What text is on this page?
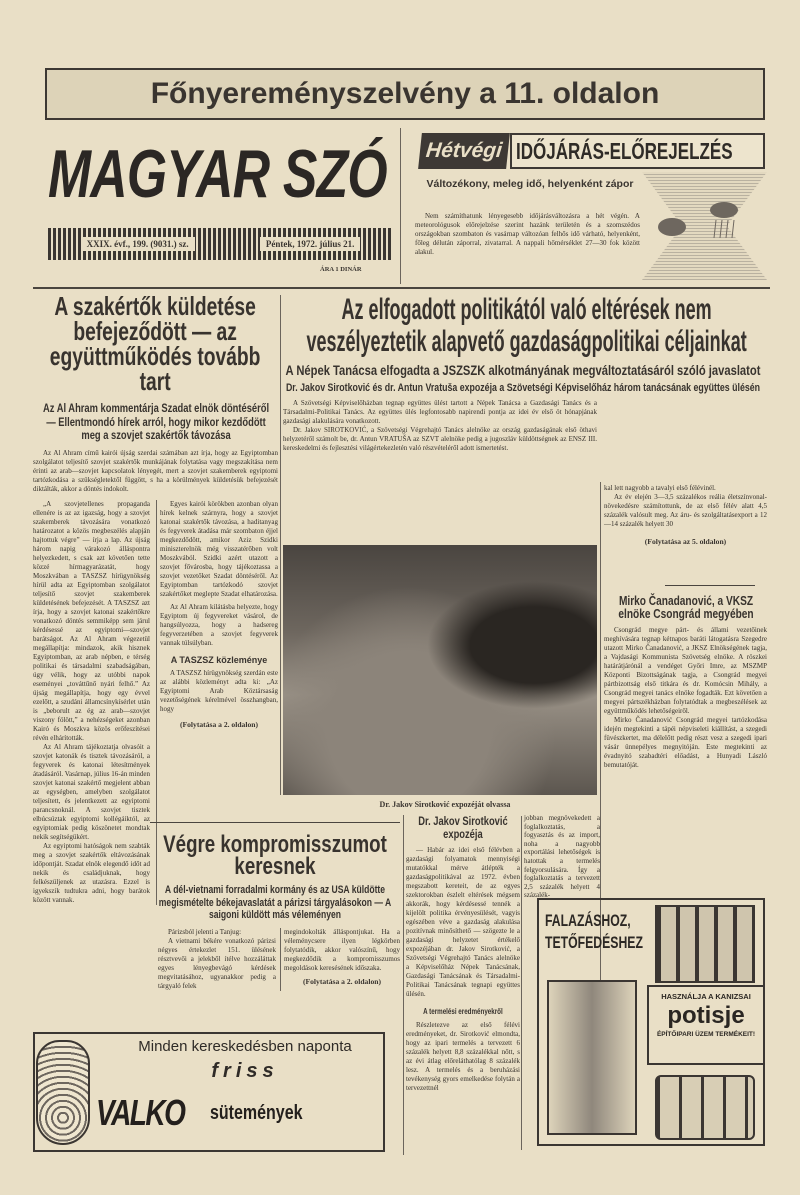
Főnyereményszelvény a 11. oldalon
MAGYAR SZÓ
XXIX. évf., 199. (9031.) sz.	Péntek, 1972. július 21.
ÁRA 1 DINÁR
Hétvégi IDŐJÁRÁS-ELŐREJELZÉS
Változékony, meleg idő, helyenként zápor

Nem számíthatunk lényegesebb időjárásváltozásra a hét végén. A meteorológusok előrejelzése szerint hazánk területén és a szomszédos országokban szombaton és vasárnap változóan felhős idő várható, helyenként, főleg délután záporral, zivatarral. A nappali hőmérséklet 27—30 fok között alakul.

A szakértők küldetése befejeződött — az együttműködés tovább tart
Az Al Ahram kommentárja Szadat elnök döntéséről — Ellentmondó hírek arról, hogy mikor kezdődött meg a szovjet szakértők távozása

Az Al Ahram című kairói újság szerdai számában azt írja, hogy az Egyiptomban szolgálatot teljesítő szovjet szakértők munkájának folytatása vagy megszakítása nem érinti az arab—szovjet kapcsolatok lényegét, mert a szovjet szakemberek egyiptomi tartózkodása a szükségletektől függött, s ha a körülmények küldetésük befejezését diktálták, akkor a döntés indokolt.

„A szovjetellenes propaganda ellenére is az az igazság, hogy a szovjet szakemberek távozására vonatkozó határozatot a közös megbeszélés alapján hajtottuk végre” — írja a lap. Az újság három napig várakozó álláspontra helyezkedett, s csak azt követően tette közzé hírmagyarázatát, hogy Moszkvában a TASZSZ hírügynökség hírül adta az Egyiptomban szolgálatot teljesítő szovjet szakemberek küldetésének befejezését. A TASZSZ azt írja, hogy a szovjet katonai szakértőkre vonatkozó döntés semmiképp sem járul kérdésessé az egyiptomi—szovjet barátságot. Az Al Ahram végezetül megállapítja: mindazok, akik hisznek Egyiptomban, az arab népben, e térség politikai és társadalmi szabadságában, úgy vélik, hogy az utóbbi napok eseményei „továttűnő nyári felhő.” Az újság megállapítja, hogy egy évvel ezelőtt, a szudáni államcsínykísérlet után is „beborult az ég az arab—szovjet viszony fölött,” a nehézségeket azonban Kairó és Moszkva közös erőfeszítései révén elhárították.

Az Al Ahram tájékoztatja olvasóit a szovjet katonák és tisztek távozásáról, a fegyverek és katonai létesítmények átadásáról. Vasárnap, július 16-án minden szovjet katonai szakértő megjelent abban az egységben, amelyben szolgálatot teljesített, és jelentkezett az egyiptomi parancsnoknál. A szovjet tisztek elbúcsúztak egyiptomi kollégáiktól, az egyiptomiak pedig köszönetet mondtak nekik segítségükért.

Az egyiptomi hatóságok nem szabták meg a szovjet szakértők eltávozásának időpontját. Szadat elnök elegendő időt ad nekik és családjuknak, hogy felkészüljenek az utazásra. Ezzel is igyekszik tudtukra adni, hogy barátok között vannak.

Egyes kairói körökben azonban olyan hírek kelnek szárnyra, hogy a szovjet katonai szakértők távozása, a haditanyag és fegyverek átadása már szombaton éjjel megkezdődött, amikor Aziz Szidki miniszterelnök még visszatérőben volt Moszkvából. Szidki azért utazott a szovjet fővárosba, hogy tájékoztassa a szovjet vezetőket Szadat döntéséről. Az Egyiptomban tartózkodó szovjet szakértőket meglepte Szadat elhatározása.

Az Al Ahram kilátásba helyezte, hogy Egyiptom új fegyvereket vásárol, de hangsúlyozza, hogy a hadsereg fegyverzetében a szovjet fegyverek vannak túlsúlyban.

A TASZSZ közleménye

A TASZSZ hírügynökség szerdán este az alábbi közleményt adta ki: „Az Egyiptomi Arab Köztársaság vezetőségének kérelmével összhangban, hogy

(Folytatása a 2. oldalon)
Az elfogadott politikától való eltérések nem veszélyeztetik alapvető gazdaságpolitikai céljainkat
A Népek Tanácsa elfogadta a JSZSZK alkotmányának megváltoztatásáról szóló javaslatot
Dr. Jakov Sirotković és dr. Antun Vratuša expozéja a Szövetségi Képviselőház három tanácsának együttes ülésén

A Szövetségi Képviselőházban tegnap együttes ülést tartott a Népek Tanácsa a Gazdasági Tanács és a Társadalmi-Politikai Tanács. Az együttes ülés legfontosabb napirendi pontja az idei év első öt hónapjának gazdasági alakulására vonatkozott.

Dr. Jakov SIROTKOVIĆ, a Szövetségi Végrehajtó Tanács alelnöke az ország gazdaságának első öthavi helyzetéről számolt be, dr. Antun VRATUŠA az SZVT alelnöke pedig a jugoszláv küldöttségnek az ENSZ III. kereskedelmi és fejlesztési világértekezletén való részvételéről adott ismertetést.

kal lett nagyobb a tavalyi első félévinél.

Az év elején 3—3,5 százalékos reália életszínvonal-növekedésre számítottunk, de az első félév alatt 4,5 százalék valósult meg. Az áru- és szolgáltatásexport a 12—14 százalék helyett 30

(Folytatása az 5. oldalon)
Dr. Jakov Sirotković expozéját olvassa
Mirko Čanadanović, a VKSZ elnöke Csongrád megyében

Csongrád megye párt- és állami vezetőinek meghívására tegnap kétnapos baráti látogatásra Szegedre utazott Mirko Čanadanović, a JKSZ Elnökségének tagja, a Vajdasági Kommunista Szövetség elnöke. A röszkei határátjárónál a vendéget Győri Imre, az MSZMP Központi Bizottságának tagja, a Csongrád megyei pártbizottság első titkára és dr. Komócsin Mihály, a Csongrád megyei tanács elnöke fogadták. Ezt követően a megyei pártszékházban folytatódtak a megbeszélések az együttműködés lehetőségeiről.

Mirko Čanadanović Csongrád megyei tartózkodása idején megtekinti a tápéi népviseleti kiállítást, a szegedi füvészkertet, ma délelőtt pedig részt vesz a szegedi ipari vásár ünnepélyes megnyitóján. Este megtekinti az évadnyitó szabadtéri előadást, a Hunyadi László bemutatóját.

Végre kompromisszumot keresnek
A dél-vietnami forradalmi kormány és az USA küldötte megismételte békejavaslatát a párizsi tárgyalásokon — A saigoni küldött más véleményen

Párizsból jelenti a Tanjug:

A vietnami békére vonatkozó párizsi négyes értekezlet 151. ülésének résztvevői a jelekből ítélve hozzáláttak egyes lényegbevágó kérdések megvitatásához, ugyanakkor pedig a tárgyaló felek

megindokolták álláspontjukat. Ha a véleménycsere ilyen légkörben folytatódik, akkor valószínű, hogy megkezdődik a kompromisszumos megoldások keresésének időszaka.

(Folytatása a 2. oldalon)
Dr. Jakov Sirotković expozéja

— Habár az idei első félévben a gazdasági folyamatok mennyiségi mutatókkal mérve átlépték a gazdaságpolitikával az 1972. évben megszabott kereteit, de az egyes szektorokban észlelt eltérések mégsem akkorák, hogy kérdésessé tennék a kijelölt politika érvényesülését, vagyis egészében véve a gazdaság alakulása pozitívnak minősíthető — szögezte le a gazdasági helyzetet értékelő expozéjában dr. Jakov Sirotković, a Szövetségi Végrehajtó Tanács alelnöke a Képviselőház Népek Tanácsának, Gazdasági Tanácsának és Társadalmi-Politikai Tanácsának tegnapi együttes ülésén.

A termelési eredményekről

Részletezve az első félévi eredményeket, dr. Sirotković elmondta, hogy az ipari termelés a tervezett 6 százalék helyett 8,8 százalékkal nőtt, s az évi átlag előreláthatólag 8 százalék lesz. A termelés és a beruházási tevékenység gyors emelkedése folytán a tervezettnél

jobban megnövekedett a foglalkoztatás, a fogyasztás és az import, noha a nagyobb exportálási lehetőségek is hatottak a termelés felgyorsulására. Így a foglalkoztatás a tervezett 2,5 százalék helyett 4 százalék-

FALAZÁSHOZ, TETŐFEDÉSHEZ
HASZNÁLJA A KANIZSAI
potisje
ÉPÍTŐIPARI ÜZEM TERMÉKEIT!
Minden kereskedésben naponta
friss
VALKO sütemények
